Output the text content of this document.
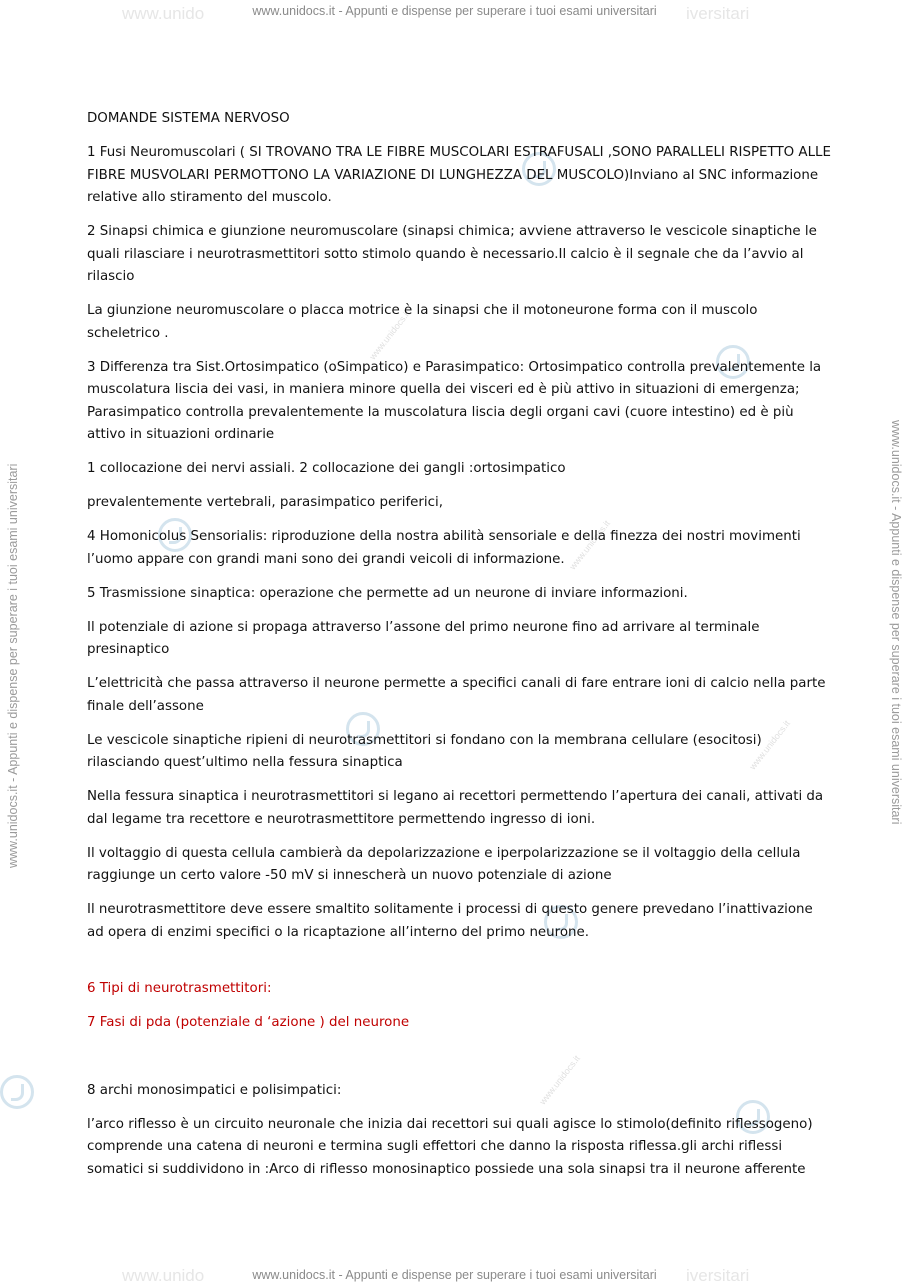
www.unido	iversitari
www.unido	iversitari
www.unidocs.it - Appunti e dispense per superare i tuoi esami universitari
www.unidocs.it - Appunti e dispense per superare i tuoi esami universitari
www.unidocs.it - Appunti e dispense per superare i tuoi esami universitari	www.unidocs.it - Appunti e dispense per superare i tuoi esami universitari
www.unidocs.it
www.unidocs.it
www.unidocs.it
www.unidocs.it

DOMANDE SISTEMA NERVOSO

1 Fusi Neuromuscolari ( SI TROVANO TRA LE FIBRE MUSCOLARI ESTRAFUSALI ,SONO PARALLELI RISPETTO ALLE FIBRE MUSVOLARI PERMOTTONO LA VARIAZIONE DI LUNGHEZZA DEL MUSCOLO)Inviano al SNC informazione relative allo stiramento del muscolo.

2 Sinapsi chimica e giunzione neuromuscolare (sinapsi chimica; avviene attraverso le vescicole sinaptiche le quali rilasciare i neurotrasmettitori sotto stimolo quando è necessario.Il calcio è il segnale che da l’avvio al rilascio

La giunzione neuromuscolare o placca motrice è la sinapsi che il motoneurone forma con il muscolo scheletrico .

3 Differenza tra Sist.Ortosimpatico (oSimpatico) e Parasimpatico: Ortosimpatico controlla prevalentemente la muscolatura liscia dei vasi, in maniera minore quella dei visceri ed è più attivo in situazioni di emergenza; Parasimpatico controlla prevalentemente la muscolatura liscia degli organi cavi (cuore intestino) ed è più attivo in situazioni ordinarie

1 collocazione dei nervi assiali. 2 collocazione dei gangli :ortosimpatico

prevalentemente vertebrali, parasimpatico periferici,

4 Homonicolus Sensorialis: riproduzione della nostra abilità sensoriale e della finezza dei nostri movimenti l’uomo appare con grandi mani sono dei grandi veicoli di informazione.

5 Trasmissione sinaptica: operazione che permette ad un neurone di inviare informazioni.

Il potenziale di azione si propaga attraverso l’assone del primo neurone fino ad arrivare al terminale presinaptico

L’elettricità che passa attraverso il neurone permette a specifici canali di fare entrare ioni di calcio nella parte finale dell’assone

Le vescicole sinaptiche ripieni di neurotrasmettitori si fondano con la membrana cellulare (esocitosi) rilasciando quest’ultimo nella fessura sinaptica

Nella fessura sinaptica i neurotrasmettitori si legano ai recettori permettendo l’apertura dei canali, attivati da dal legame tra recettore e neurotrasmettitore permettendo ingresso di ioni.

Il voltaggio di questa cellula cambierà da depolarizzazione e iperpolarizzazione se il voltaggio della cellula raggiunge un certo valore -50 mV si innescherà un nuovo potenziale di azione

Il neurotrasmettitore deve essere smaltito solitamente i processi di questo genere prevedano l’inattivazione ad opera di enzimi specifici o la ricaptazione all’interno del primo neurone.

6 Tipi di neurotrasmettitori:

7 Fasi di pda (potenziale d ‘azione ) del neurone

8 archi monosimpatici e polisimpatici:

l’arco riflesso è un circuito neuronale che inizia dai recettori sui quali agisce lo stimolo(definito riflessogeno) comprende una catena di neuroni e termina sugli effettori che danno la risposta riflessa.gli archi riflessi somatici si suddividono in :Arco di riflesso monosinaptico possiede una sola sinapsi tra il neurone afferente
